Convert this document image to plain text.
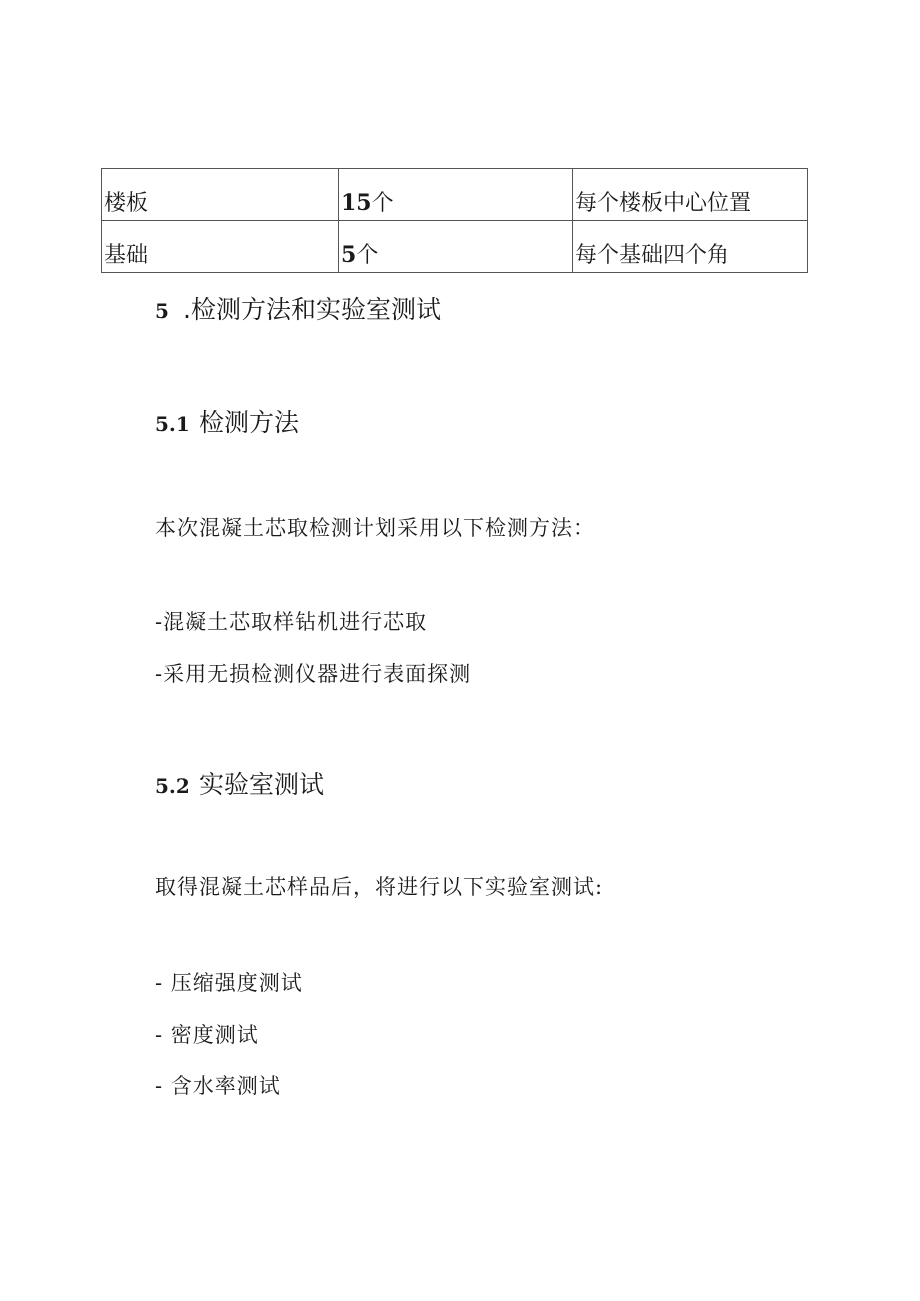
楼板	15个	每个楼板中心位置
基础	5个	每个基础四个角
5 .检测方法和实验室测试
5.1 检测方法
本次混凝土芯取检测计划采用以下检测方法：
-混凝土芯取样钻机进行芯取
-采用无损检测仪器进行表面探测
5.2 实验室测试
取得混凝土芯样品后，将进行以下实验室测试:
- 压缩强度测试
- 密度测试
- 含水率测试
